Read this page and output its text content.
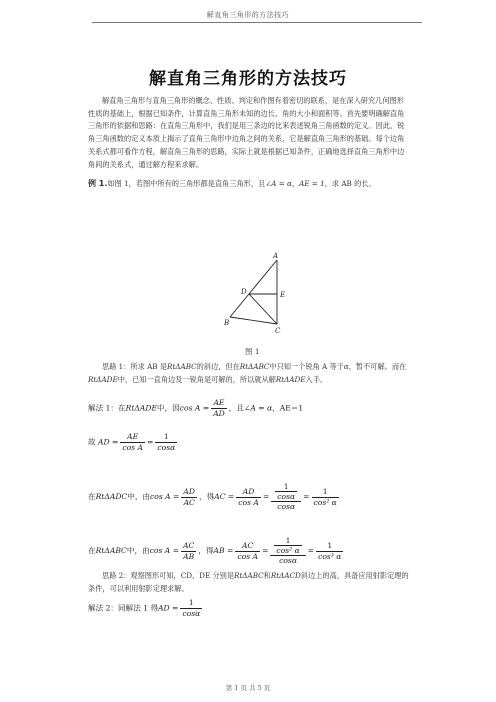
解直角三角形的方法技巧
解直角三角形的方法技巧
解直角三角形与直角三角形的概念、性质、判定和作图有着密切的联系，是在深入研究几何图形性质的基础上，根据已知条件，计算直角三角形未知的边长、角的大小和面积等。首先要明确解直角三角形的依据和思路：在直角三角形中，我们是用三条边的比来表述锐角三角函数的定义。因此，锐角三角函数的定义本质上揭示了直角三角形中边角之间的关系，它是解直角三角形的基础。每个边角关系式都可看作方程，解直角三角形的思路，实际上就是根据已知条件，正确地选择直角三角形中边角间的关系式，通过解方程来求解。
例 1.如图 1，若图中所有的三角形都是直角三角形，且∠A = α，AE = 1，求 AB 的长。
A
D	E
B
C
图 1
思路 1：所求 AB 是RtΔABC的斜边，但在RtΔABC中只知一个锐角 A 等于α，暂不可解。而在RtΔADE中，已知一直角边及一锐角是可解的，所以就从解RtΔADE入手。
解法 1：在RtΔADE中，因$\cos A = \frac{AE}{AD}$ ，且∠A = α，AE＝1
故 AD = $\frac{AE}{\text{cos A}} = \frac{1}{\cos\alpha}$
在RtΔADC中，由$\cos A = \frac{AD}{AC}$ ，得AC = $\frac{AD}{\text{cos A}} = \frac{\frac{1}{\cos\alpha}}{\cos\alpha} = \frac{1}{\text{cos² α}}$
在RtΔABC中，由$\cos A = \frac{AC}{AB}$ ，得AB = $\frac{AC}{\text{cos A}} = \frac{\frac{1}{\text{cos² α}}}{\cos\alpha} = \frac{1}{\text{cos³ α}}$
思路 2：观察图形可知，CD、DE 分别是RtΔABC和RtΔACD斜边上的高，具备应用射影定理的条件，可以利用射影定理求解。
解法 2：同解法 1 得AD = $\frac{1}{\cos\alpha}$
第 1 页 共 5 页
